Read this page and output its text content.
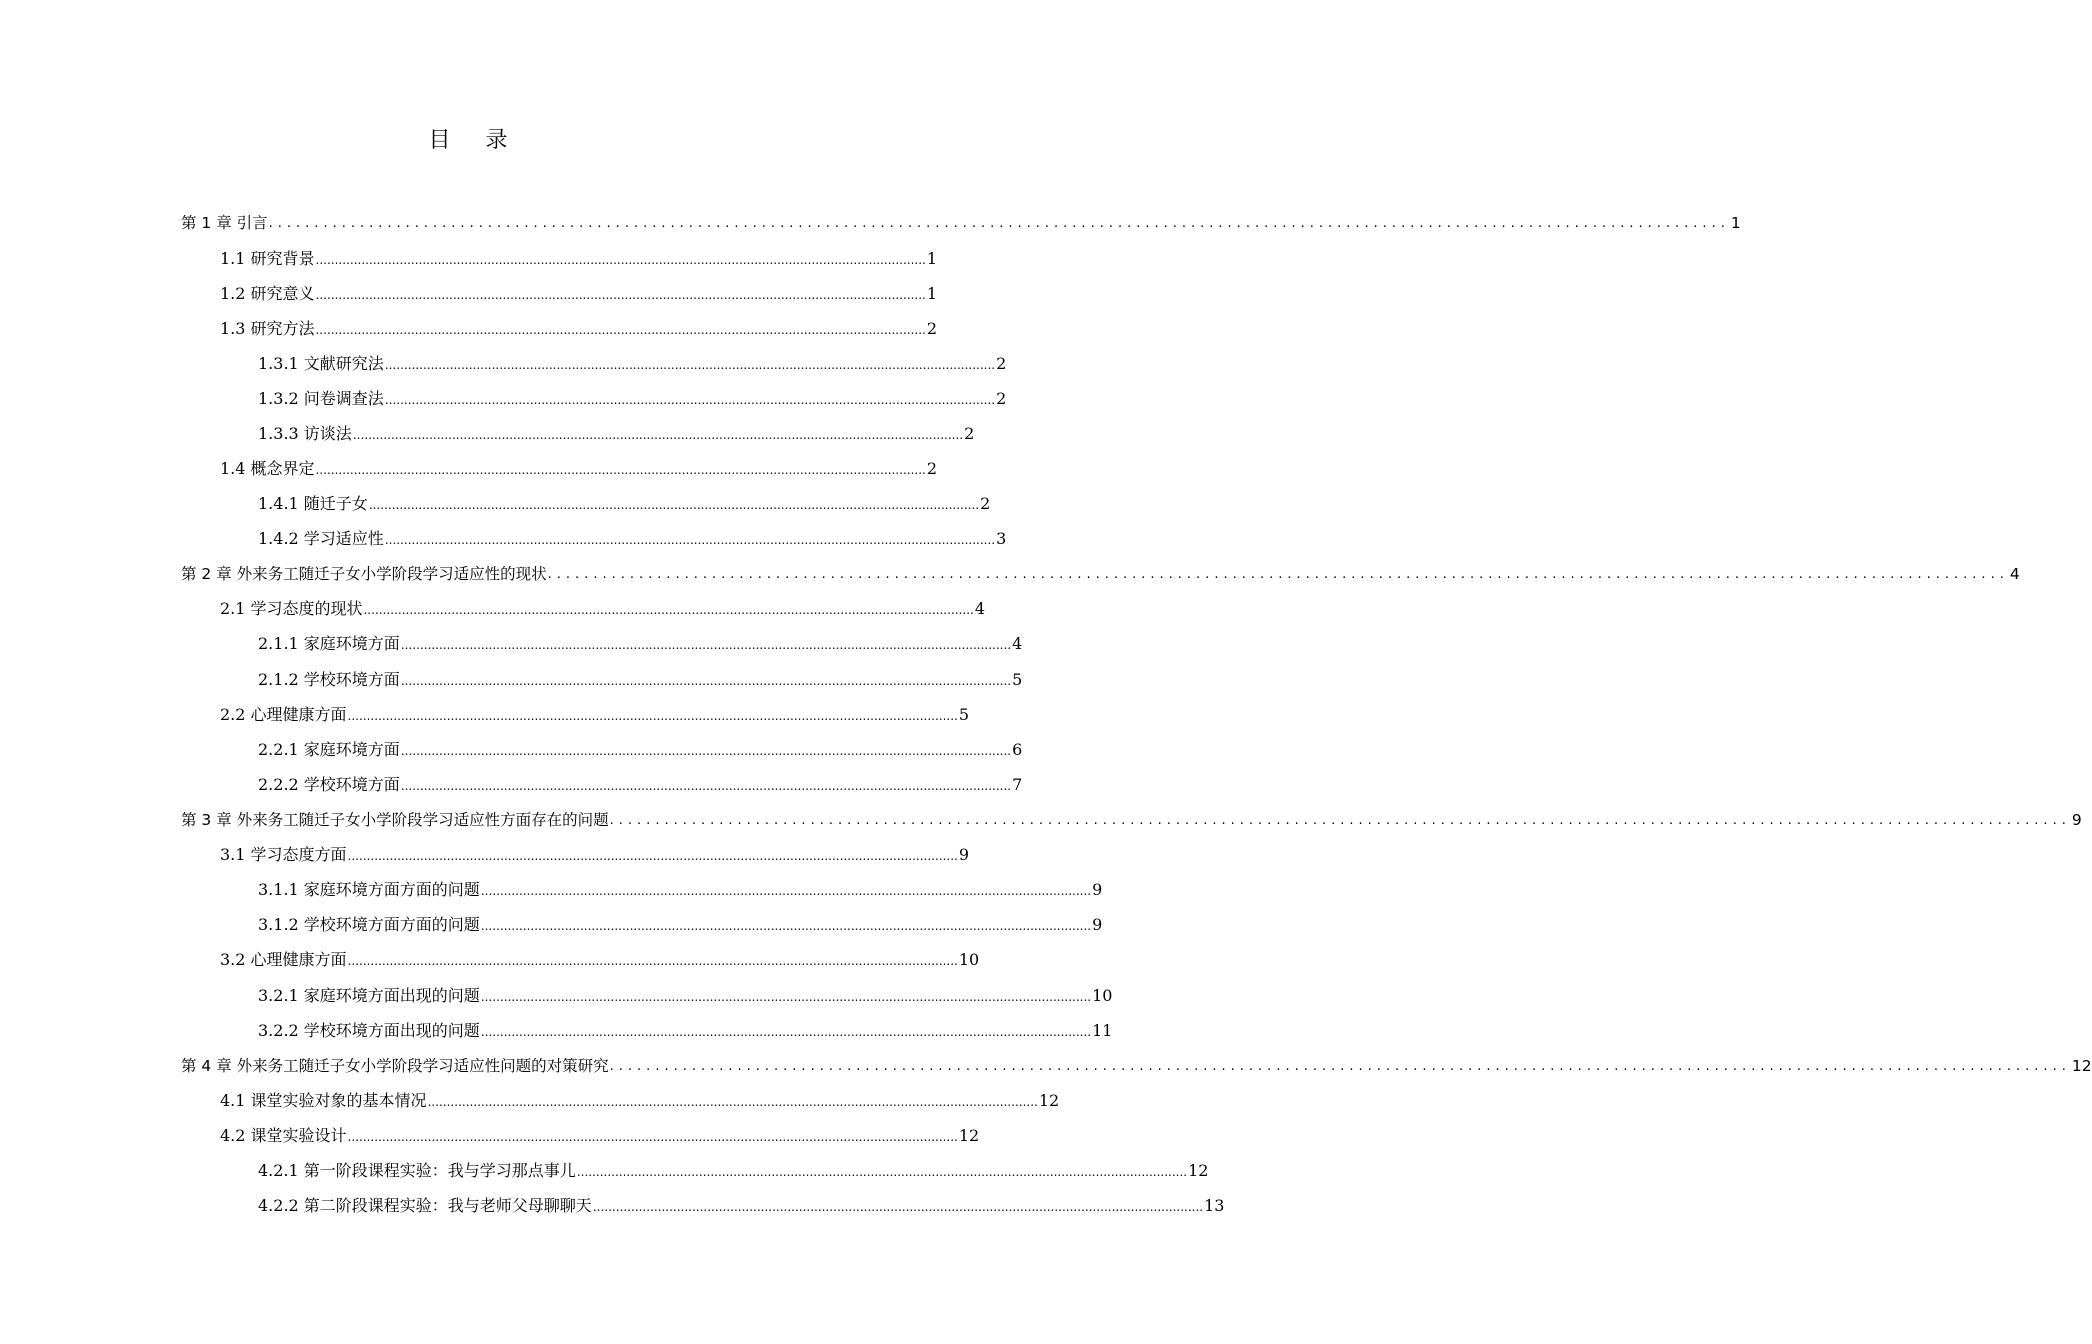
目 录
第 1 章 引言 ................................................................................................................................................................ 1
1.1 研究背景 ................................................................................................................................................................ 1
1.2 研究意义 ................................................................................................................................................................ 1
1.3 研究方法 ................................................................................................................................................................ 2
1.3.1 文献研究法 ................................................................................................................................................................ 2
1.3.2 问卷调查法 ................................................................................................................................................................ 2
1.3.3 访谈法 ................................................................................................................................................................ 2
1.4 概念界定 ................................................................................................................................................................ 2
1.4.1 随迁子女 ................................................................................................................................................................ 2
1.4.2 学习适应性 ................................................................................................................................................................ 3
第 2 章 外来务工随迁子女小学阶段学习适应性的现状 ................................................................................................................................................................ 4
2.1 学习态度的现状 ................................................................................................................................................................ 4
2.1.1 家庭环境方面 ................................................................................................................................................................ 4
2.1.2 学校环境方面 ................................................................................................................................................................ 5
2.2 心理健康方面 ................................................................................................................................................................ 5
2.2.1 家庭环境方面 ................................................................................................................................................................ 6
2.2.2 学校环境方面 ................................................................................................................................................................ 7
第 3 章 外来务工随迁子女小学阶段学习适应性方面存在的问题 ................................................................................................................................................................ 9
3.1 学习态度方面 ................................................................................................................................................................ 9
3.1.1 家庭环境方面方面的问题 ................................................................................................................................................................ 9
3.1.2 学校环境方面方面的问题 ................................................................................................................................................................ 9
3.2 心理健康方面 ................................................................................................................................................................ 10
3.2.1 家庭环境方面出现的问题 ................................................................................................................................................................ 10
3.2.2 学校环境方面出现的问题 ................................................................................................................................................................ 11
第 4 章 外来务工随迁子女小学阶段学习适应性问题的对策研究 ................................................................................................................................................................ 12
4.1 课堂实验对象的基本情况 ................................................................................................................................................................ 12
4.2 课堂实验设计 ................................................................................................................................................................ 12
4.2.1 第一阶段课程实验：我与学习那点事儿 ................................................................................................................................................................ 12
4.2.2 第二阶段课程实验：我与老师父母聊聊天 ................................................................................................................................................................ 13
